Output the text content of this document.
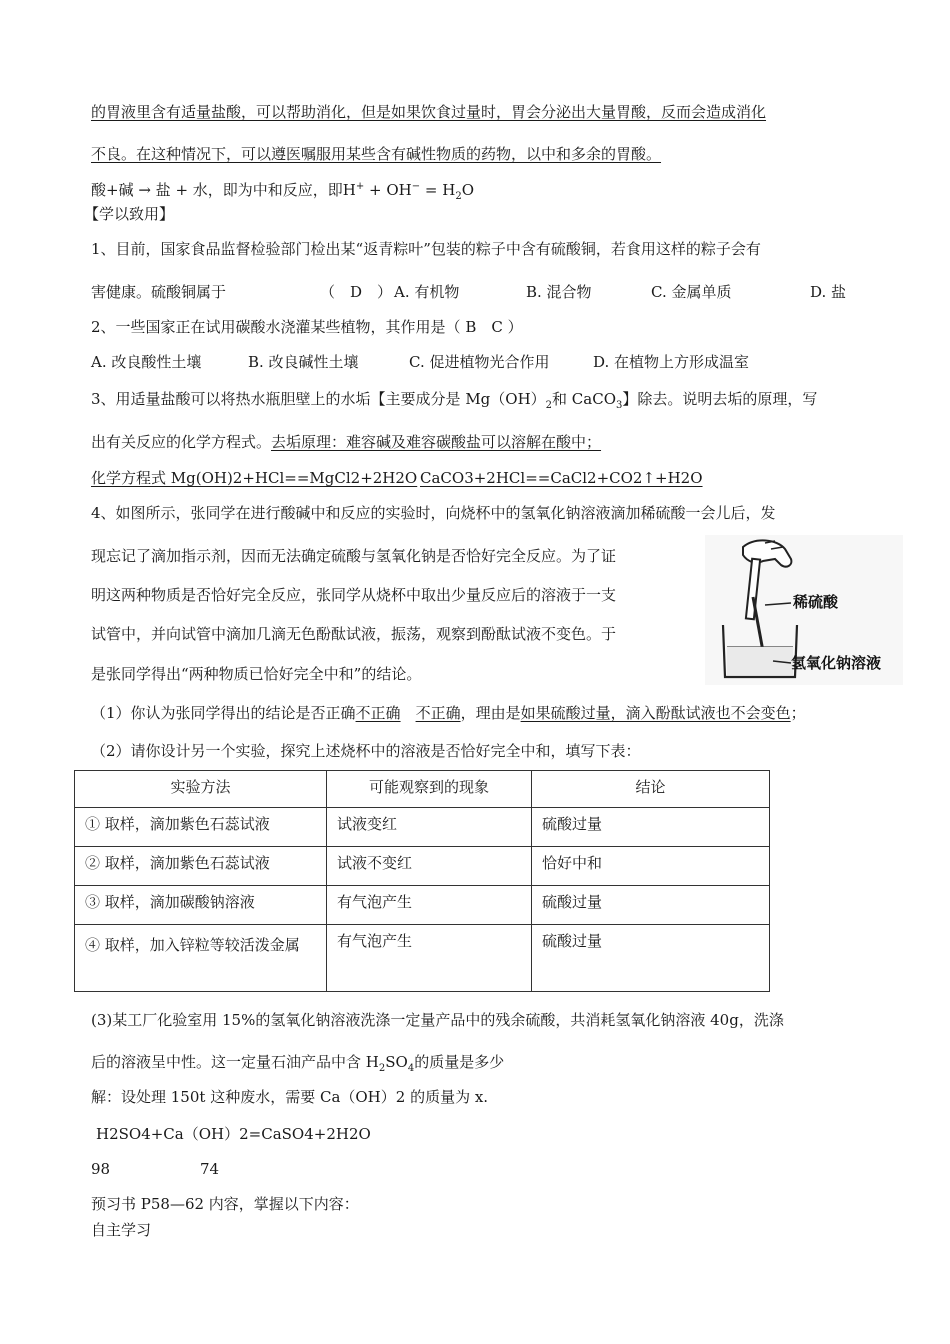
的胃液里含有适量盐酸，可以帮助消化，但是如果饮食过量时，胃会分泌出大量胃酸，反而会造成消化
不良。在这种情况下，可以遵医嘱服用某些含有碱性物质的药物，以中和多余的胃酸。
酸+碱 → 盐 + 水，即为中和反应，即$H^+ + OH^- = H_2O$
【学以致用】
1、目前，国家食品监督检验部门检出某“返青粽叶”包装的粽子中含有硫酸铜，若食用这样的粽子会有
害健康。硫酸铜属于	（　D　） A. 有机物	B. 混合物	C. 金属单质	D. 盐
2、一些国家正在试用碳酸水浇灌某些植物，其作用是（ B　C ）
A. 改良酸性土壤	B. 改良碱性土壤	C. 促进植物光合作用	D. 在植物上方形成温室
3、用适量盐酸可以将热水瓶胆壁上的水垢【主要成分是 $Mg(OH)_2$和 CaCO$_3$】除去。说明去垢的原理，写
出有关反应的化学方程式。去垢原理：难容碱及难容碳酸盐可以溶解在酸中；
化学方程式 Mg(OH)2+HCl==MgCl2+2H2O CaCO3+2HCl==CaCl2+CO2↑+H2O
4、如图所示，张同学在进行酸碱中和反应的实验时，向烧杯中的氢氧化钠溶液滴加稀硫酸一会儿后，发
现忘记了滴加指示剂，因而无法确定硫酸与氢氧化钠是否恰好完全反应。为了证
明这两种物质是否恰好完全反应，张同学从烧杯中取出少量反应后的溶液于一支
试管中，并向试管中滴加几滴无色酚酞试液，振荡，观察到酚酞试液不变色。于
是张同学得出“两种物质已恰好完全中和”的结论。
稀硫酸
氢氧化钠溶液
（1）你认为张同学得出的结论是否正确不正确  不正确，理由是如果硫酸过量，滴入酚酞试液也不会变色；
（2）请你设计另一个实验，探究上述烧杯中的溶液是否恰好完全中和，填写下表：
实验方法	可能观察到的现象	结论
① 取样，滴加紫色石蕊试液	试液变红	硫酸过量
② 取样，滴加紫色石蕊试液	试液不变红	恰好中和
③ 取样，滴加碳酸钠溶液	有气泡产生	硫酸过量
④ 取样，加入锌粒等较活泼金属	有气泡产生	硫酸过量
(3)某工厂化验室用 15%的氢氧化钠溶液洗涤一定量产品中的残余硫酸，共消耗氢氧化钠溶液 40g，洗涤
后的溶液呈中性。这一定量石油产品中含 $H_2SO_4$的质量是多少
解：设处理 150t 这种废水，需要 Ca（OH）2 的质量为 x.
H2SO4+Ca（OH）2=CaSO4+2H2O
98	74
预习书 P58—62 内容，掌握以下内容：
自主学习
